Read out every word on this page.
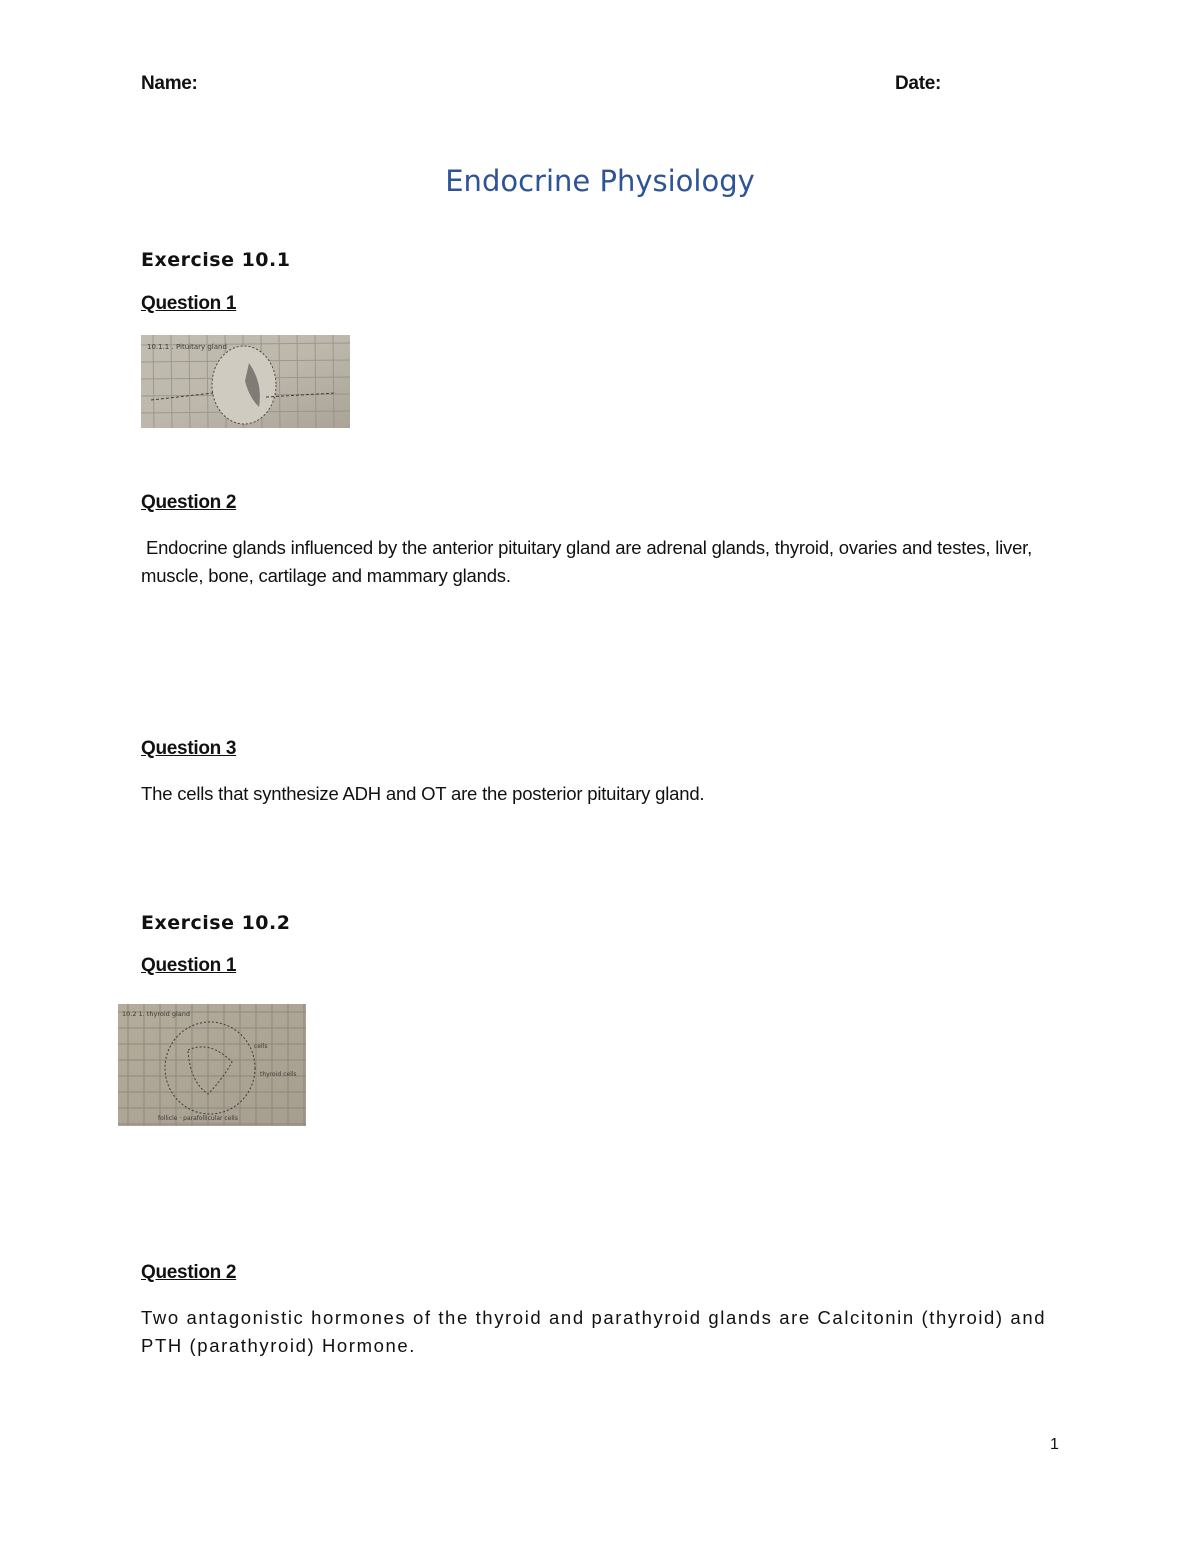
Name:	Date:
Endocrine Physiology
Exercise 10.1
Question 1
10.1.1 . Pituitary gland
Question 2
Endocrine glands influenced by the anterior pituitary gland are adrenal glands, thyroid, ovaries and testes, liver, muscle, bone, cartilage and mammary glands.
Question 3
The cells that synthesize ADH and OT are the posterior pituitary gland.
Exercise 10.2
Question 1
10.2 1. thyroid gland
cells
thyroid cells
follicle · parafollicular cells
Question 2
Two antagonistic hormones of the thyroid and parathyroid glands are Calcitonin (thyroid) and PTH (parathyroid) Hormone.
1
